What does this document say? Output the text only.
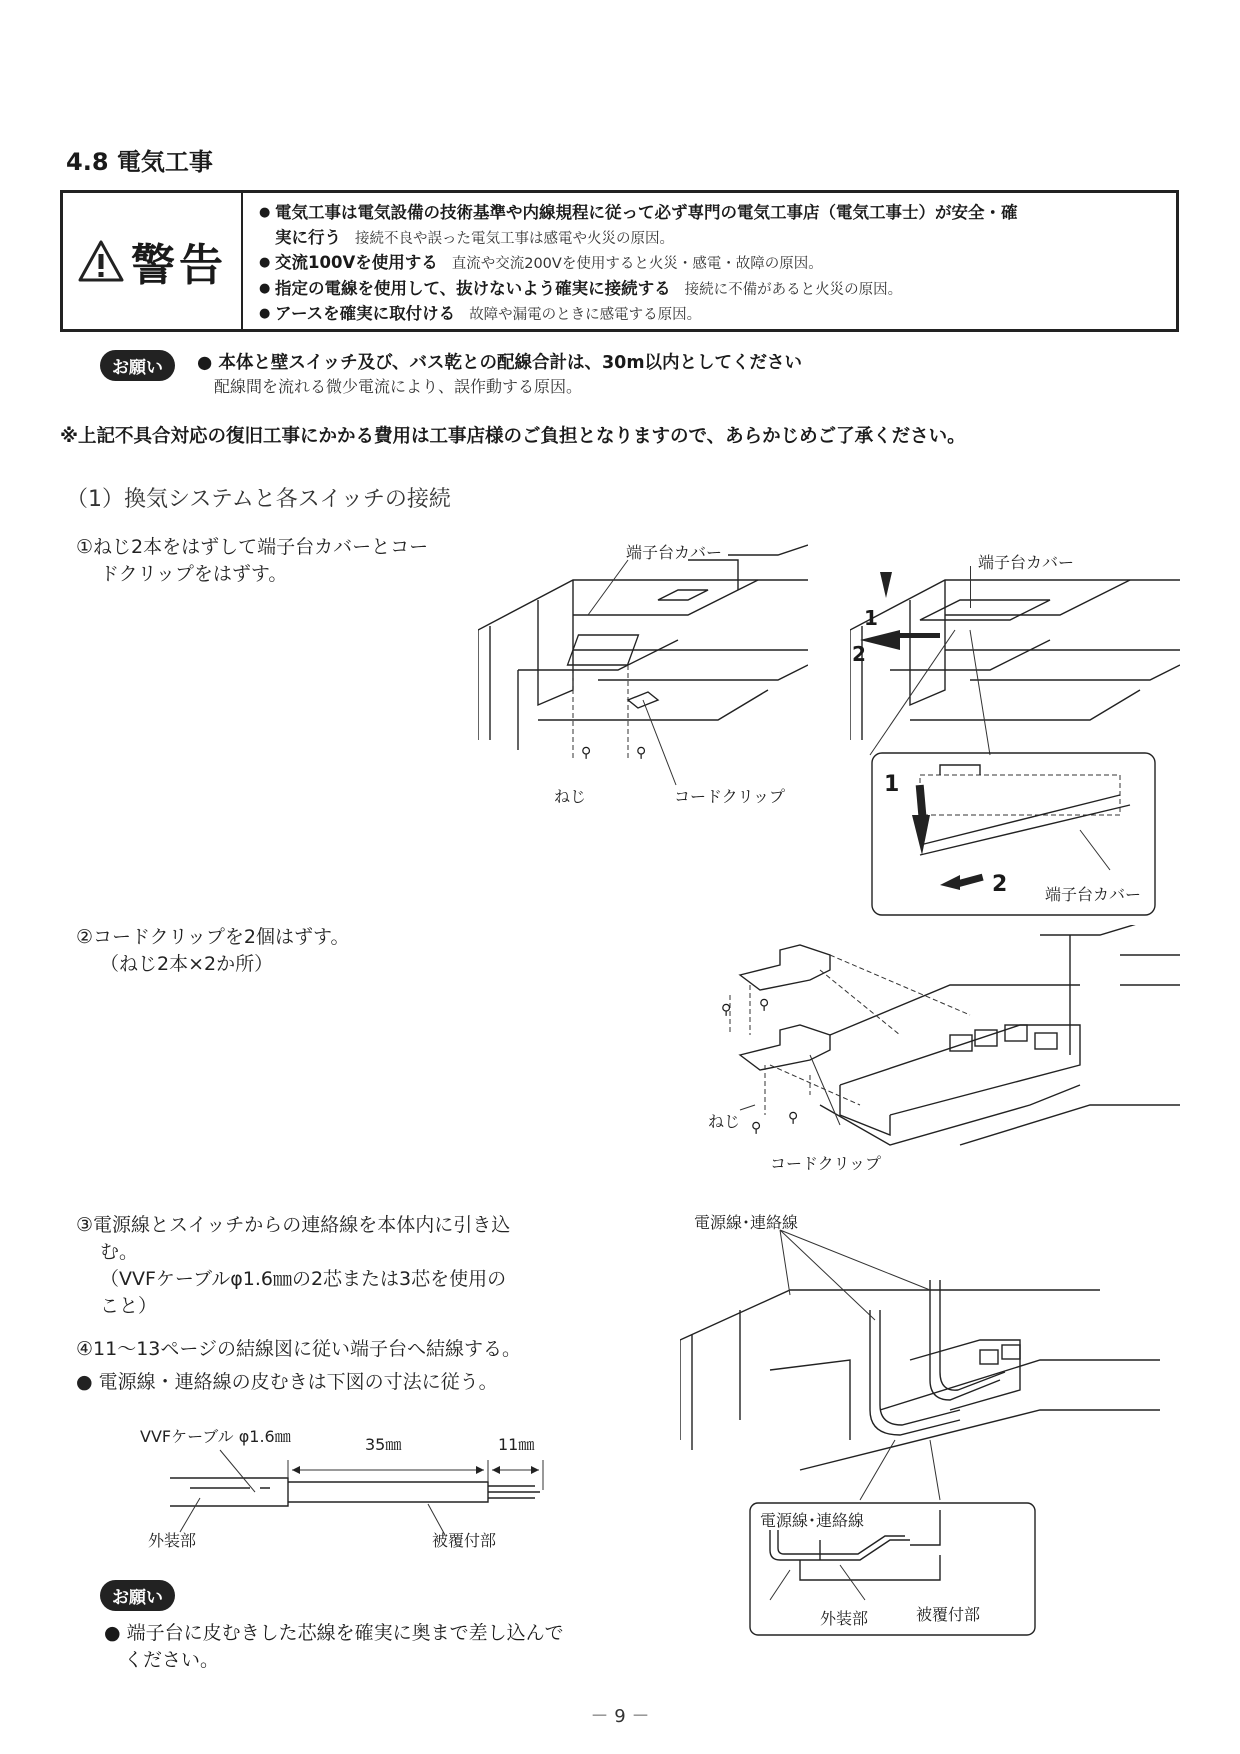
4.8 電気工事
警告
● 電気工事は電気設備の技術基準や内線規程に従って必ず専門の電気工事店（電気工事士）が安全・確
実に行う 接続不良や誤った電気工事は感電や火災の原因。
● 交流100Vを使用する 直流や交流200Vを使用すると火災・感電・故障の原因。
● 指定の電線を使用して、抜けないよう確実に接続する 接続に不備があると火災の原因。
● アースを確実に取付ける 故障や漏電のときに感電する原因。
お願い	● 本体と壁スイッチ及び、バス乾との配線合計は、30m以内としてください
配線間を流れる微少電流により、誤作動する原因。
※上記不具合対応の復旧工事にかかる費用は工事店様のご負担となりますので、あらかじめご了承ください。
（1）換気システムと各スイッチの接続
①ねじ2本をはずして端子台カバーとコー
ドクリップをはずす。
端子台カバー
⚲	⚲
ねじ	コードクリップ
端子台カバー
1
2
1
2 端子台カバー
②コードクリップを2個はずす。
（ねじ2本×2か所）
⚲ ⚲
⚲
⚲
ねじ
コードクリップ
③電源線とスイッチからの連絡線を本体内に引き込
む。
（VVFケーブルφ1.6㎜の2芯または3芯を使用の
こと）
④11～13ページの結線図に従い端子台へ結線する。
● 電源線・連絡線の皮むきは下図の寸法に従う。
VVFケーブル φ1.6㎜	35㎜	11㎜
外装部	被覆付部
お願い
● 端子台に皮むきした芯線を確実に奥まで差し込んで
ください。
電源線･連絡線
電源線･連絡線
外装部	被覆付部
－ 9 －
